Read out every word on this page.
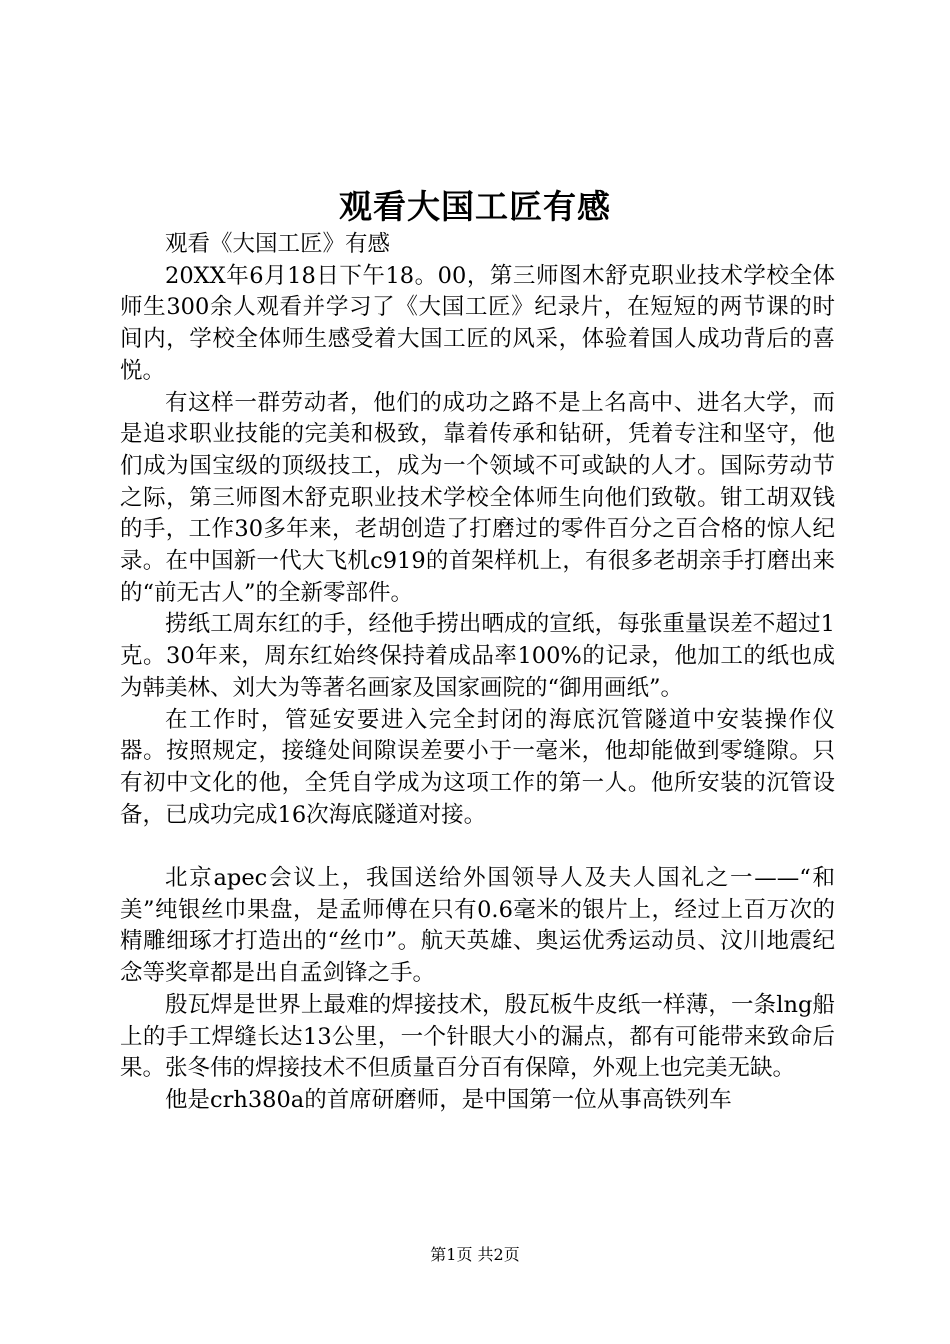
观看大国工匠有感

观看《大国工匠》有感

20XX年6月18日下午18。00，第三师图木舒克职业技术学校全体师生300余人观看并学习了《大国工匠》纪录片，在短短的两节课的时间内，学校全体师生感受着大国工匠的风采，体验着国人成功背后的喜悦。

有这样一群劳动者，他们的成功之路不是上名高中、进名大学，而是追求职业技能的完美和极致，靠着传承和钻研，凭着专注和坚守，他们成为国宝级的顶级技工，成为一个领域不可或缺的人才。国际劳动节之际，第三师图木舒克职业技术学校全体师生向他们致敬。钳工胡双钱的手，工作30多年来，老胡创造了打磨过的零件百分之百合格的惊人纪录。在中国新一代大飞机c919的首架样机上，有很多老胡亲手打磨出来的“前无古人”的全新零部件。

捞纸工周东红的手，经他手捞出晒成的宣纸，每张重量误差不超过1克。30年来，周东红始终保持着成品率100%的记录，他加工的纸也成为韩美林、刘大为等著名画家及国家画院的“御用画纸”。

在工作时，管延安要进入完全封闭的海底沉管隧道中安装操作仪器。按照规定，接缝处间隙误差要小于一毫米，他却能做到零缝隙。只有初中文化的他，全凭自学成为这项工作的第一人。他所安装的沉管设备，已成功完成16次海底隧道对接。

北京apec会议上，我国送给外国领导人及夫人国礼之一——“和美”纯银丝巾果盘，是孟师傅在只有0.6毫米的银片上，经过上百万次的精雕细琢才打造出的“丝巾”。航天英雄、奥运优秀运动员、汶川地震纪念等奖章都是出自孟剑锋之手。

殷瓦焊是世界上最难的焊接技术，殷瓦板牛皮纸一样薄，一条lng船上的手工焊缝长达13公里，一个针眼大小的漏点，都有可能带来致命后果。张冬伟的焊接技术不但质量百分百有保障，外观上也完美无缺。

他是crh380a的首席研磨师，是中国第一位从事高铁列车

第1页 共2页
